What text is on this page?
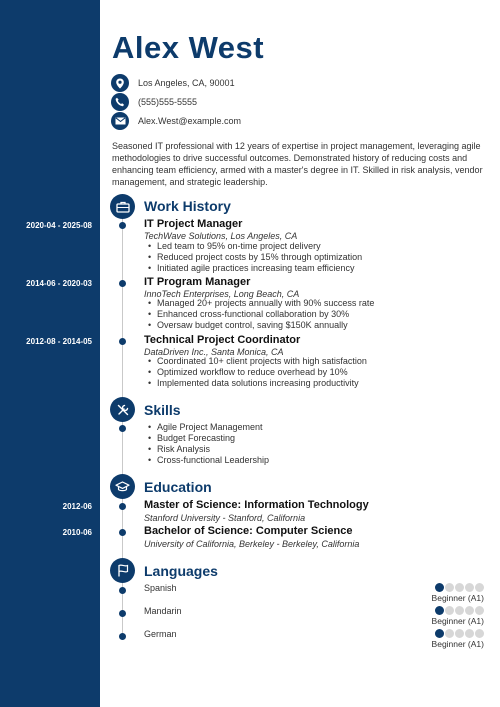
Alex West
Los Angeles, CA, 90001
(555)555-5555
Alex.West@example.com
Seasoned IT professional with 12 years of expertise in project management, leveraging agile methodologies to drive successful outcomes. Demonstrated history of reducing costs and enhancing team efficiency, armed with a master's degree in IT. Skilled in risk analysis, vendor management, and strategic leadership.
Work History
2020-04 - 2025-08	IT Project Manager
TechWave Solutions, Los Angeles, CA
• Led team to 95% on-time project delivery
• Reduced project costs by 15% through optimization
• Initiated agile practices increasing team efficiency
2014-06 - 2020-03	IT Program Manager
InnoTech Enterprises, Long Beach, CA
• Managed 20+ projects annually with 90% success rate
• Enhanced cross-functional collaboration by 30%
• Oversaw budget control, saving $150K annually
2012-08 - 2014-05	Technical Project Coordinator
DataDriven Inc., Santa Monica, CA
• Coordinated 10+ client projects with high satisfaction
• Optimized workflow to reduce overhead by 10%
• Implemented data solutions increasing productivity
Skills
• Agile Project Management
• Budget Forecasting
• Risk Analysis
• Cross-functional Leadership
Education
2012-06	Master of Science: Information Technology
Stanford University - Stanford, California
2010-06	Bachelor of Science: Computer Science
University of California, Berkeley - Berkeley, California
Languages
Spanish
Beginner (A1)
Mandarin
Beginner (A1)
German
Beginner (A1)
